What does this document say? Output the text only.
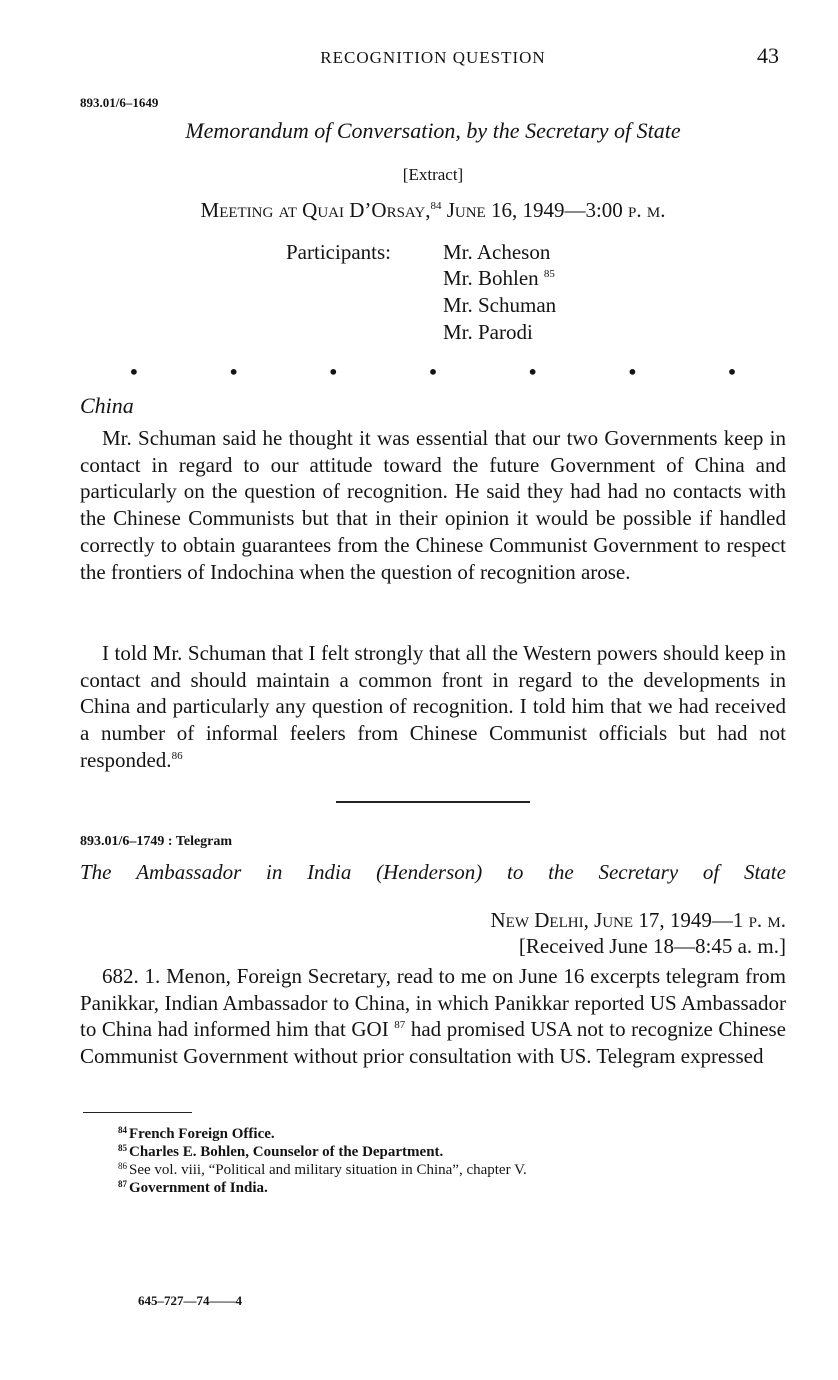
RECOGNITION QUESTION	43
893.01/6–1649
Memorandum of Conversation, by the Secretary of State
[Extract]
Meeting at Quai D’Orsay,$^{84}$ June 16, 1949—3:00 p. m.
Participants: Mr. Acheson
Mr. Bohlen $^{85}$
Mr. Schuman
Mr. Parodi
•	•	•	•	•	•	•
China

Mr. Schuman said he thought it was essential that our two Governments keep in contact in regard to our attitude toward the future Government of China and particularly on the question of recognition. He said they had had no contacts with the Chinese Communists but that in their opinion it would be possible if handled correctly to obtain guarantees from the Chinese Communist Government to respect the frontiers of Indochina when the question of recognition arose.

I told Mr. Schuman that I felt strongly that all the Western powers should keep in contact and should maintain a common front in regard to the developments in China and particularly any question of recognition. I told him that we had received a number of informal feelers from Chinese Communist officials but had not responded.$^{86}$

893.01/6–1749 : Telegram
The Ambassador in India (Henderson) to the Secretary of State
New Delhi, June 17, 1949—1 p. m.
[Received June 18—8:45 a. m.]

682. 1. Menon, Foreign Secretary, read to me on June 16 excerpts telegram from Panikkar, Indian Ambassador to China, in which Panikkar reported US Ambassador to China had informed him that GOI $^{87}$ had promised USA not to recognize Chinese Communist Government without prior consultation with US. Telegram expressed

$^{84}$ French Foreign Office.
$^{85}$ Charles E. Bohlen, Counselor of the Department.
$^{86}$ See vol. viii, “Political and military situation in China”, chapter V.
$^{87}$ Government of India.
645–727—74——4
